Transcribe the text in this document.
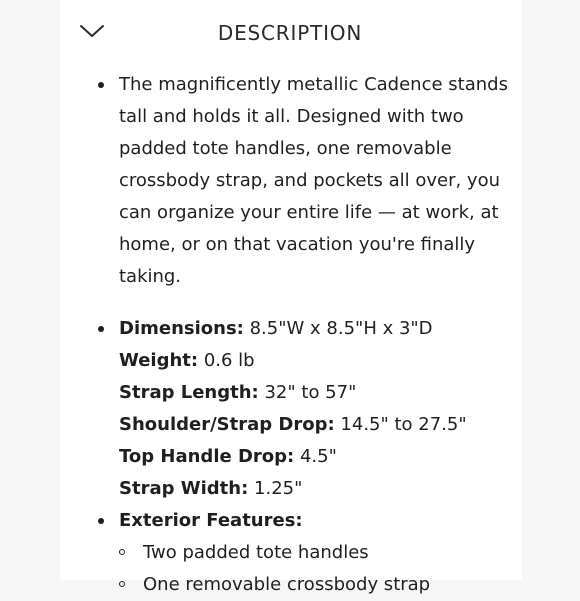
DESCRIPTION
The magnificently metallic Cadence stands
tall and holds it all. Designed with two
padded tote handles, one removable
crossbody strap, and pockets all over, you
can organize your entire life — at work, at
home, or on that vacation you're finally
taking.
Dimensions: 8.5"W x 8.5"H x 3"D
Weight: 0.6 lb
Strap Length: 32" to 57"
Shoulder/Strap Drop: 14.5" to 27.5"
Top Handle Drop: 4.5"
Strap Width: 1.25"
Exterior Features:
Two padded tote handles
One removable crossbody strap
